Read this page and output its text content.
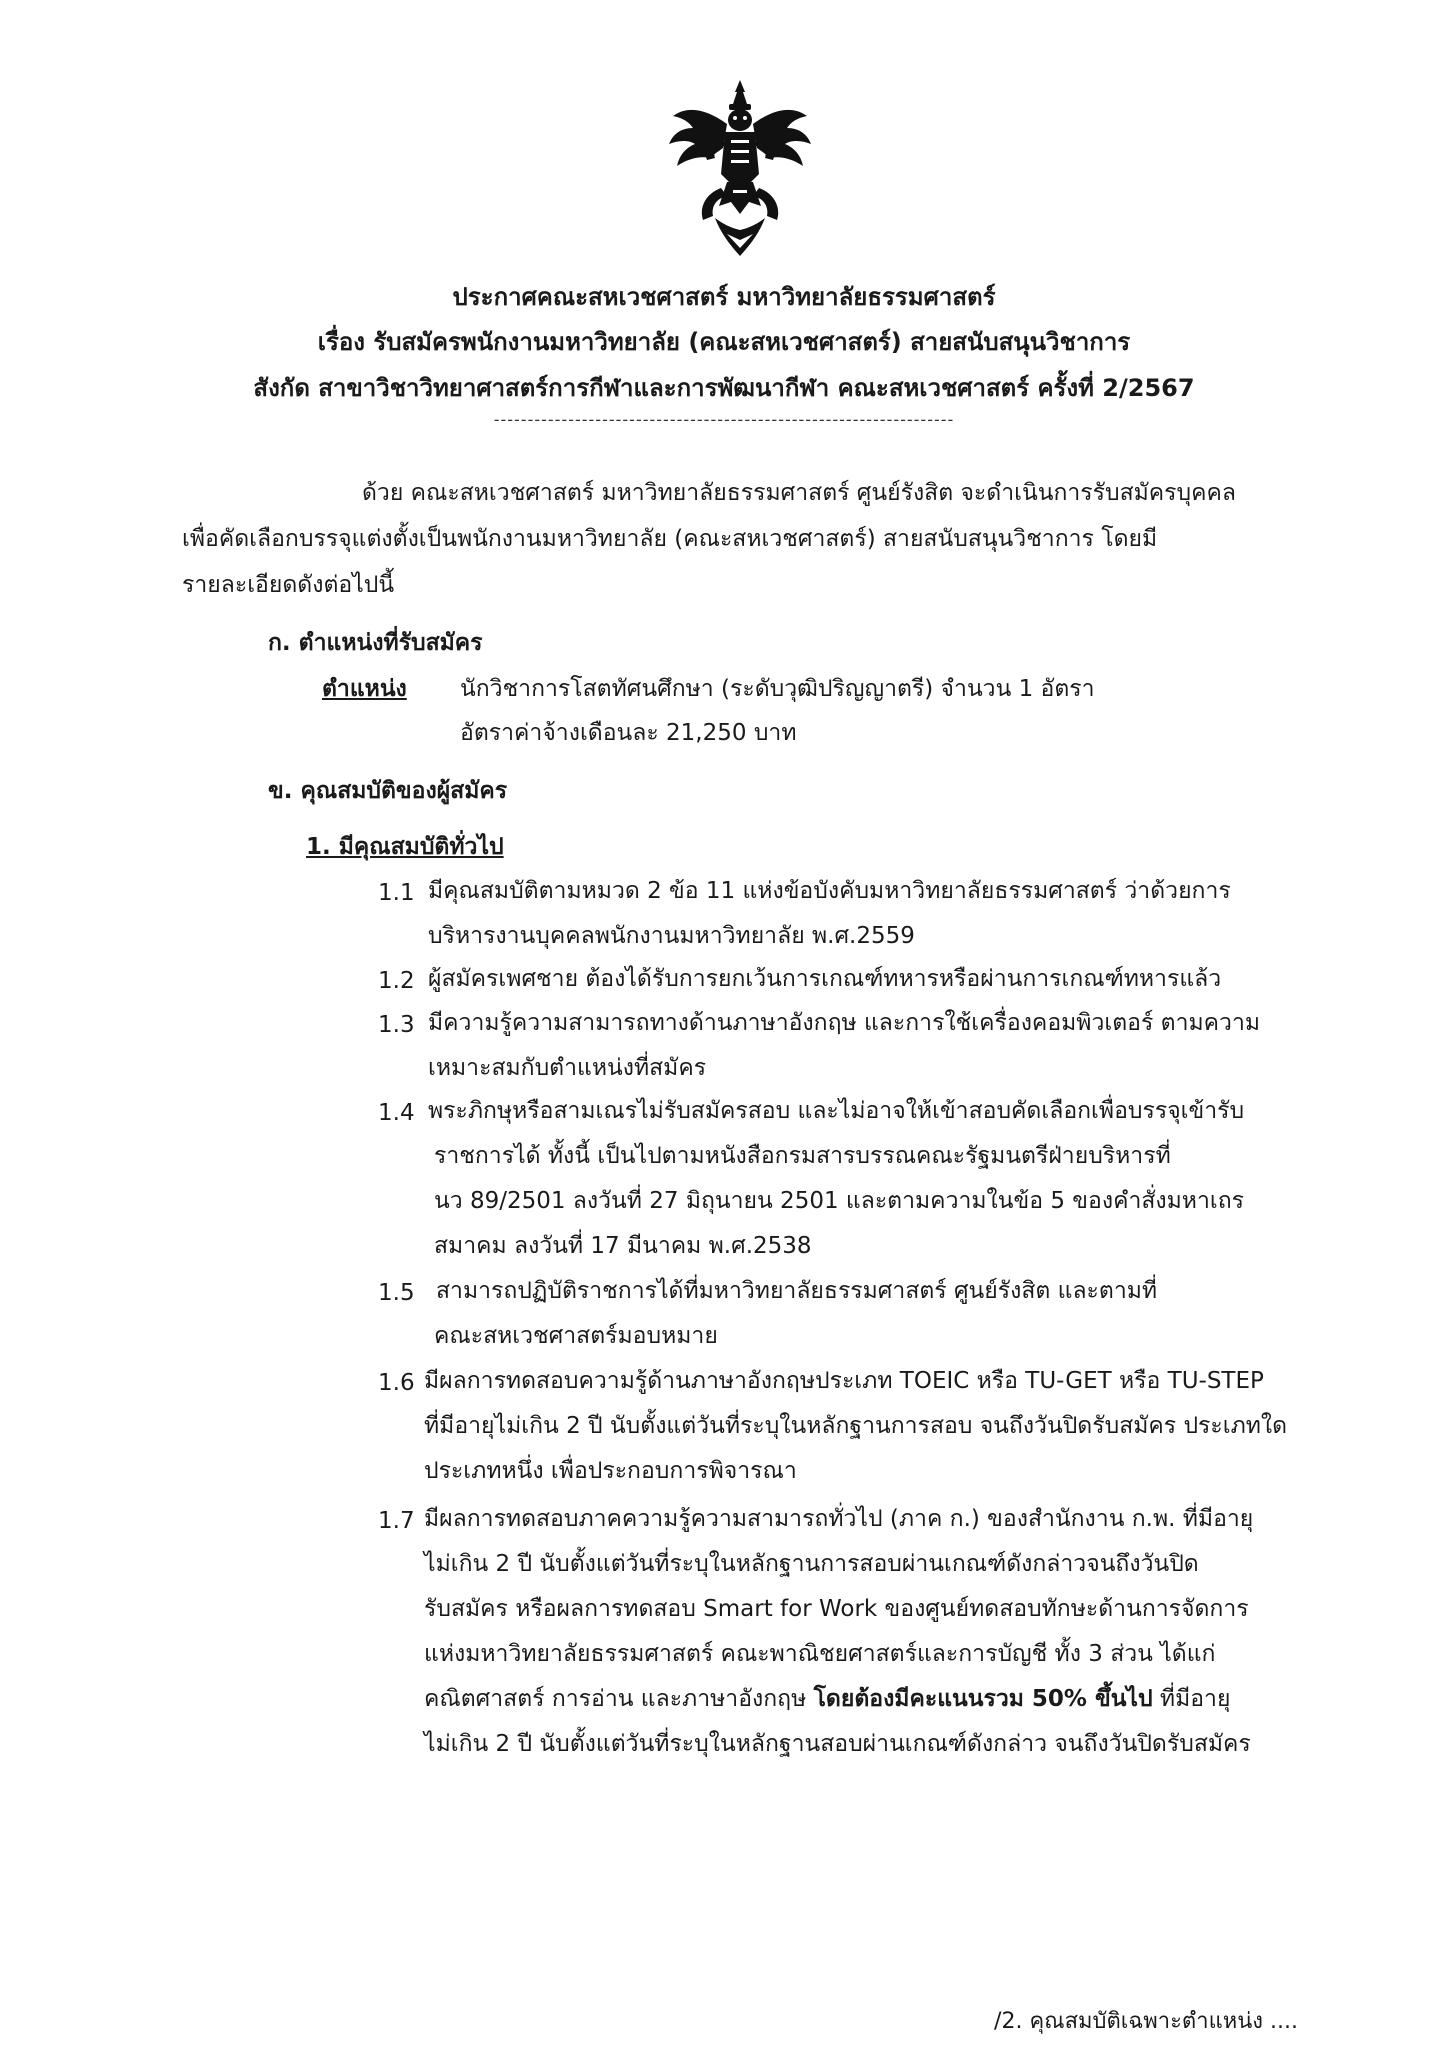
ประกาศคณะสหเวชศาสตร์ มหาวิทยาลัยธรรมศาสตร์
เรื่อง รับสมัครพนักงานมหาวิทยาลัย (คณะสหเวชศาสตร์) สายสนับสนุนวิชาการ
สังกัด สาขาวิชาวิทยาศาสตร์การกีฬาและการพัฒนากีฬา คณะสหเวชศาสตร์ ครั้งที่ 2/2567
--------------------------------------------------------------------
ด้วย คณะสหเวชศาสตร์ มหาวิทยาลัยธรรมศาสตร์ ศูนย์รังสิต จะดำเนินการรับสมัครบุคคล
เพื่อคัดเลือกบรรจุแต่งตั้งเป็นพนักงานมหาวิทยาลัย (คณะสหเวชศาสตร์) สายสนับสนุนวิชาการ โดยมี
รายละเอียดดังต่อไปนี้
ก. ตำแหน่งที่รับสมัคร
ตำแหน่ง นักวิชาการโสตทัศนศึกษา (ระดับวุฒิปริญญาตรี) จำนวน 1 อัตรา
อัตราค่าจ้างเดือนละ 21,250 บาท
ข. คุณสมบัติของผู้สมัคร
1. มีคุณสมบัติทั่วไป
1.1 มีคุณสมบัติตามหมวด 2 ข้อ 11 แห่งข้อบังคับมหาวิทยาลัยธรรมศาสตร์ ว่าด้วยการ
บริหารงานบุคคลพนักงานมหาวิทยาลัย พ.ศ.2559
1.2 ผู้สมัครเพศชาย ต้องได้รับการยกเว้นการเกณฑ์ทหารหรือผ่านการเกณฑ์ทหารแล้ว
1.3 มีความรู้ความสามารถทางด้านภาษาอังกฤษ และการใช้เครื่องคอมพิวเตอร์ ตามความ
เหมาะสมกับตำแหน่งที่สมัคร
1.4 พระภิกษุหรือสามเณรไม่รับสมัครสอบ และไม่อาจให้เข้าสอบคัดเลือกเพื่อบรรจุเข้ารับ
ราชการได้ ทั้งนี้ เป็นไปตามหนังสือกรมสารบรรณคณะรัฐมนตรีฝ่ายบริหารที่
นว 89/2501 ลงวันที่ 27 มิถุนายน 2501 และตามความในข้อ 5 ของคำสั่งมหาเถร
สมาคม ลงวันที่ 17 มีนาคม พ.ศ.2538
1.5 สามารถปฏิบัติราชการได้ที่มหาวิทยาลัยธรรมศาสตร์ ศูนย์รังสิต และตามที่
คณะสหเวชศาสตร์มอบหมาย
1.6 มีผลการทดสอบความรู้ด้านภาษาอังกฤษประเภท TOEIC หรือ TU-GET หรือ TU-STEP
ที่มีอายุไม่เกิน 2 ปี นับตั้งแต่วันที่ระบุในหลักฐานการสอบ จนถึงวันปิดรับสมัคร ประเภทใด
ประเภทหนึ่ง เพื่อประกอบการพิจารณา
1.7 มีผลการทดสอบภาคความรู้ความสามารถทั่วไป (ภาค ก.) ของสำนักงาน ก.พ. ที่มีอายุ
ไม่เกิน 2 ปี นับตั้งแต่วันที่ระบุในหลักฐานการสอบผ่านเกณฑ์ดังกล่าวจนถึงวันปิด
รับสมัคร หรือผลการทดสอบ Smart for Work ของศูนย์ทดสอบทักษะด้านการจัดการ
แห่งมหาวิทยาลัยธรรมศาสตร์ คณะพาณิชยศาสตร์และการบัญชี ทั้ง 3 ส่วน ได้แก่
คณิตศาสตร์ การอ่าน และภาษาอังกฤษ โดยต้องมีคะแนนรวม 50% ขึ้นไป ที่มีอายุ
ไม่เกิน 2 ปี นับตั้งแต่วันที่ระบุในหลักฐานสอบผ่านเกณฑ์ดังกล่าว จนถึงวันปิดรับสมัคร
/2. คุณสมบัติเฉพาะตำแหน่ง ....
